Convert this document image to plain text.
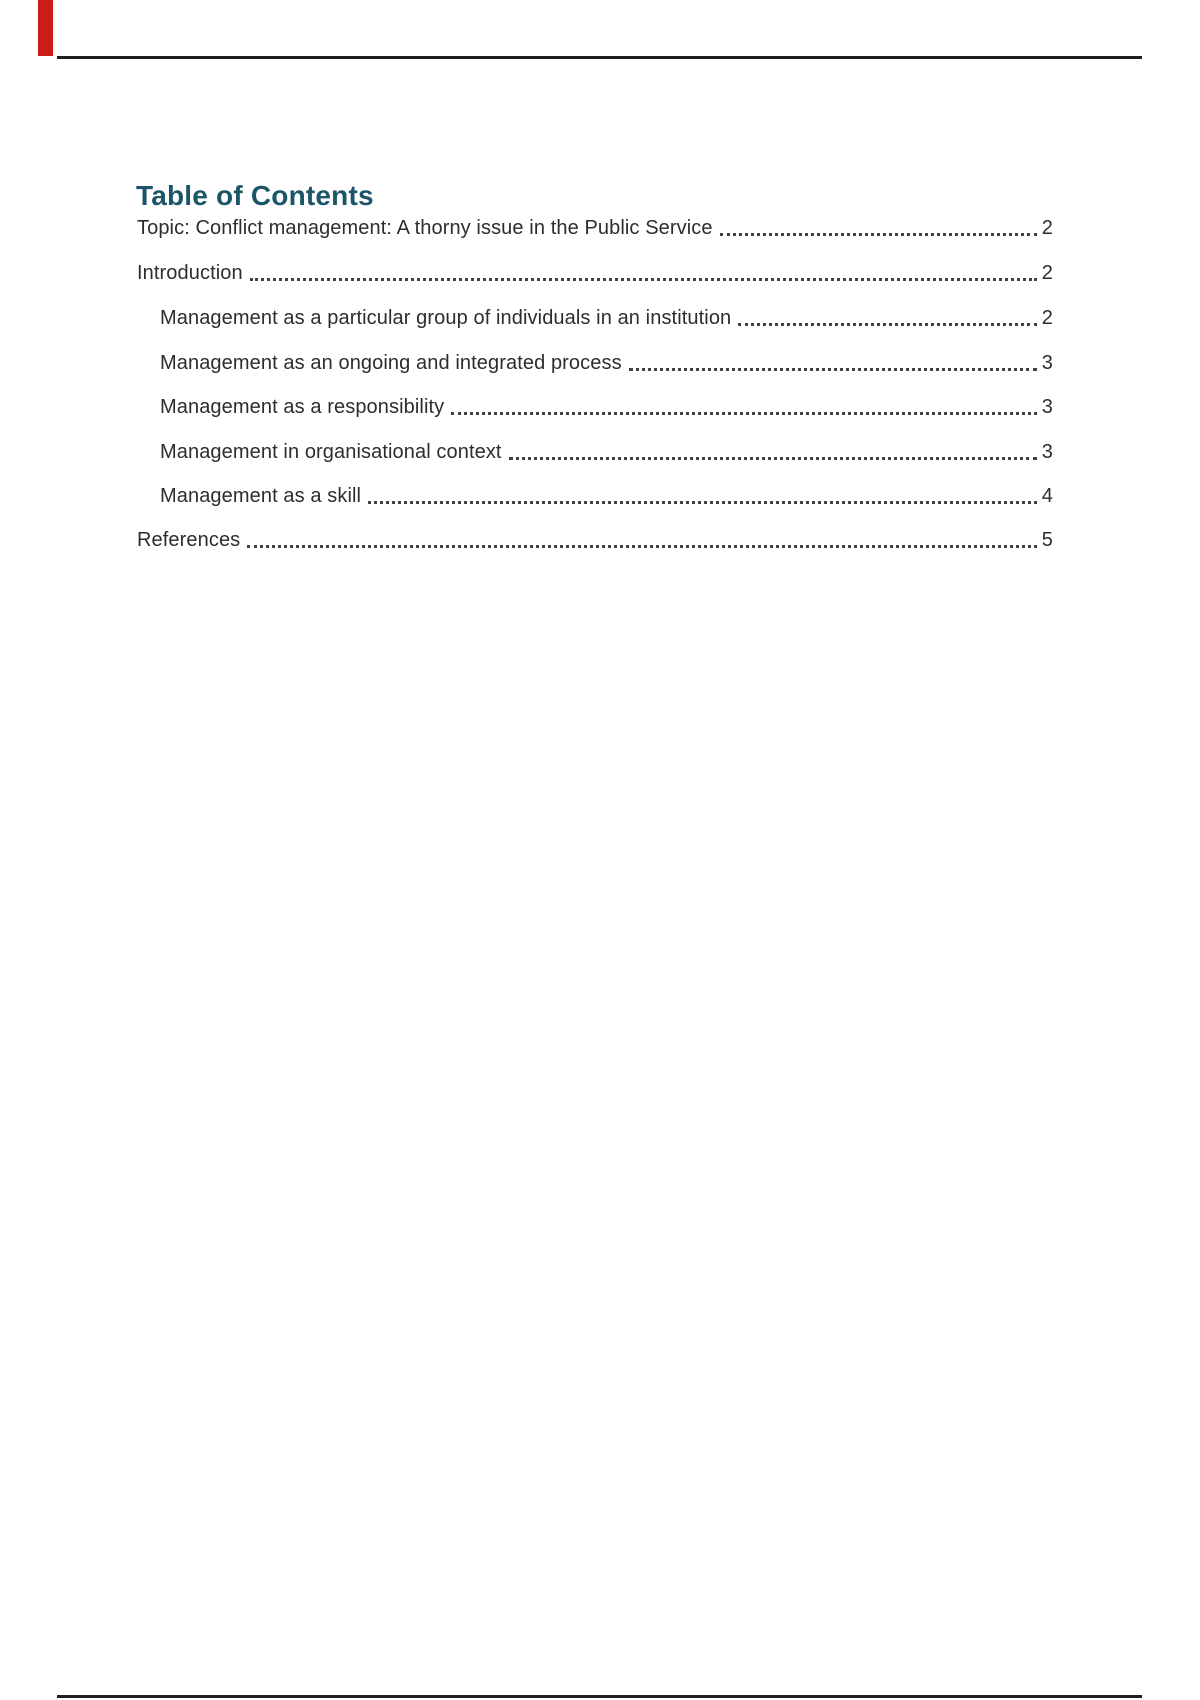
Table of Contents
Topic: Conflict management: A thorny issue in the Public Service	2
Introduction	2
Management as a particular group of individuals in an institution	2
Management as an ongoing and integrated process	3
Management as a responsibility	3
Management in organisational context	3
Management as a skill	4
References	5
